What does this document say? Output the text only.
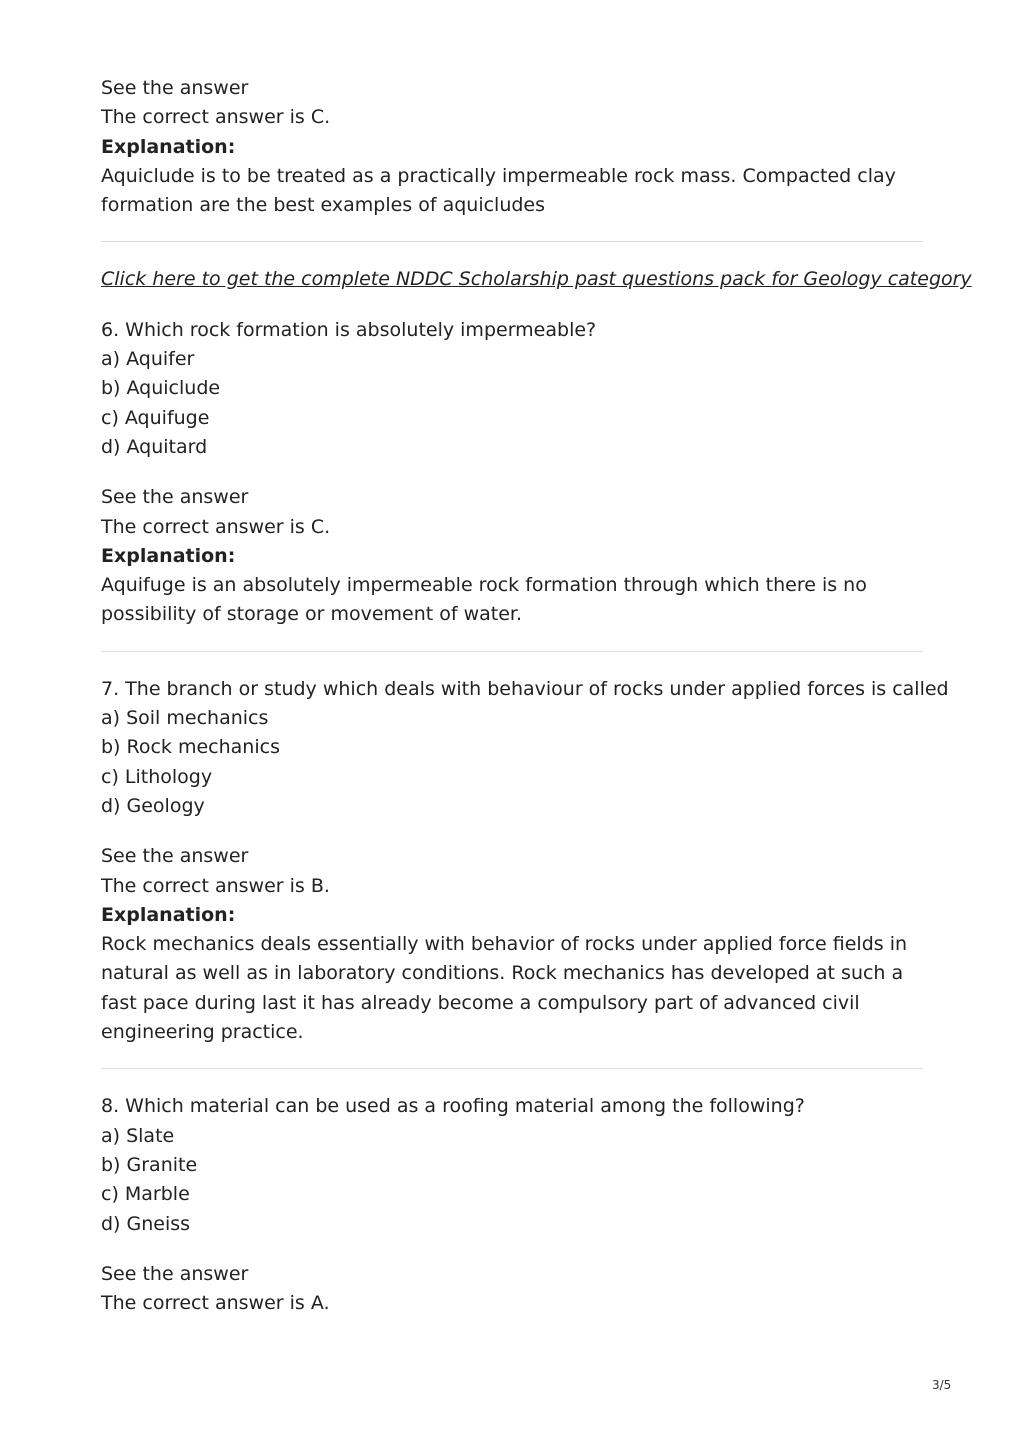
See the answer
The correct answer is C.
Explanation:
Aquiclude is to be treated as a practically impermeable rock mass. Compacted clay formation are the best examples of aquicludes
Click here to get the complete NDDC Scholarship past questions pack for Geology category
6. Which rock formation is absolutely impermeable?
a) Aquifer
b) Aquiclude
c) Aquifuge
d) Aquitard
See the answer
The correct answer is C.
Explanation:
Aquifuge is an absolutely impermeable rock formation through which there is no possibility of storage or movement of water.
7. The branch or study which deals with behaviour of rocks under applied forces is called
a) Soil mechanics
b) Rock mechanics
c) Lithology
d) Geology
See the answer
The correct answer is B.
Explanation:
Rock mechanics deals essentially with behavior of rocks under applied force fields in natural as well as in laboratory conditions. Rock mechanics has developed at such a fast pace during last it has already become a compulsory part of advanced civil engineering practice.
8. Which material can be used as a roofing material among the following?
a) Slate
b) Granite
c) Marble
d) Gneiss
See the answer
The correct answer is A.
3/5
